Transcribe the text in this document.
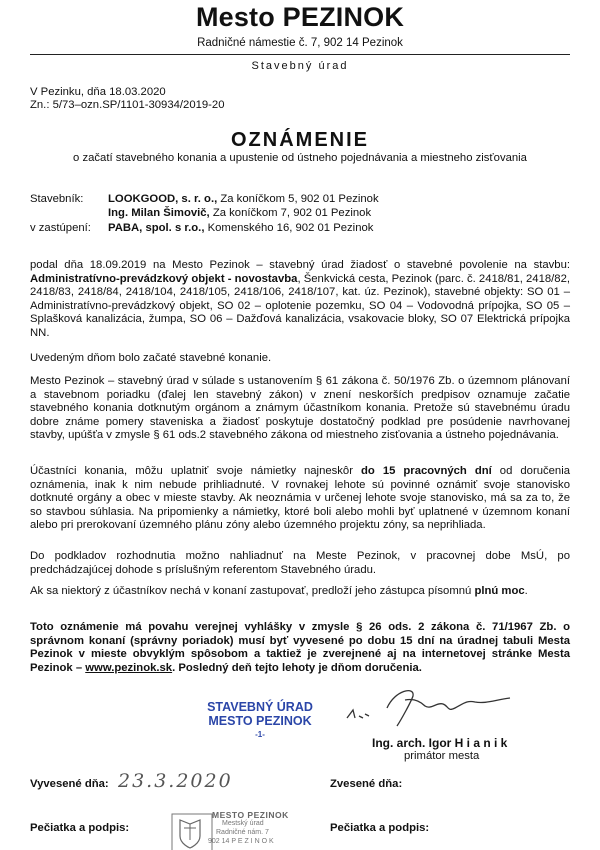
Mesto PEZINOK
Radničné námestie č. 7, 902 14 Pezinok
Stavebný úrad
V Pezinku, dňa 18.03.2020
Zn.: 5/73–ozn.SP/1101-30934/2019-20
OZNÁMENIE
o začatí stavebného konania a upustenie od ústneho pojednávania a miestneho zisťovania
Stavebník: LOOKGOOD, s. r. o., Za koníčkom 5, 902 01 Pezinok
Ing. Milan Šimovič, Za koníčkom 7, 902 01 Pezinok
v zastúpení: PABA, spol. s r.o., Komenského 16, 902 01 Pezinok
podal dňa 18.09.2019 na Mesto Pezinok – stavebný úrad žiadosť o stavebné povolenie na stavbu: Administratívno-prevádzkový objekt - novostavba, Šenkvická cesta, Pezinok (parc. č. 2418/81, 2418/82, 2418/83, 2418/84, 2418/104, 2418/105, 2418/106, 2418/107, kat. úz. Pezinok), stavebné objekty: SO 01 – Administratívno-prevádzkový objekt, SO 02 – oplotenie pozemku, SO 04 – Vodovodná prípojka, SO 05 – Splašková kanalizácia, žumpa, SO 06 – Dažďová kanalizácia, vsakovacie bloky, SO 07 Elektrická prípojka NN.
Uvedeným dňom bolo začaté stavebné konanie.
Mesto Pezinok – stavebný úrad v súlade s ustanovením § 61 zákona č. 50/1976 Zb. o územnom plánovaní a stavebnom poriadku (ďalej len stavebný zákon) v znení neskorších predpisov oznamuje začatie stavebného konania dotknutým orgánom a známym účastníkom konania. Pretože sú stavebnému úradu dobre známe pomery staveniska a žiadosť poskytuje dostatočný podklad pre posúdenie navrhovanej stavby, upúšťa v zmysle § 61 ods.2 stavebného zákona od miestneho zisťovania a ústneho pojednávania.
Účastníci konania, môžu uplatniť svoje námietky najneskôr do 15 pracovných dní od doručenia oznámenia, inak k nim nebude prihliadnuté. V rovnakej lehote sú povinné oznámiť svoje stanovisko dotknuté orgány a obec v mieste stavby. Ak neoznámia v určenej lehote svoje stanovisko, má sa za to, že so stavbou súhlasia. Na pripomienky a námietky, ktoré boli alebo mohli byť uplatnené v územnom konaní alebo pri prerokovaní územného plánu zóny alebo územného projektu zóny, sa neprihliada.
Do podkladov rozhodnutia možno nahliadnuť na Meste Pezinok, v pracovnej dobe MsÚ, po predchádzajúcej dohode s príslušným referentom Stavebného úradu.
Ak sa niektorý z účastníkov nechá v konaní zastupovať, predloží jeho zástupca písomnú plnú moc.
Toto oznámenie má povahu verejnej vyhlášky v zmysle § 26 ods. 2 zákona č. 71/1967 Zb. o správnom konaní (správny poriadok) musí byť vyvesené po dobu 15 dní na úradnej tabuli Mesta Pezinok v mieste obvyklým spôsobom a taktiež je zverejnené aj na internetovej stránke Mesta Pezinok – www.pezinok.sk. Posledný deň tejto lehoty je dňom doručenia.
STAVEBNÝ ÚRAD
MESTO PEZINOK
-1-
Ing. arch. Igor H i a n i k
primátor mesta
Vyvesené dňa: 23.3.2020	Zvesené dňa:
Pečiatka a podpis:	Pečiatka a podpis:
MESTO PEZINOK
Mestský úrad
Radničné nám. 7
902 14 P E Z I N O K
